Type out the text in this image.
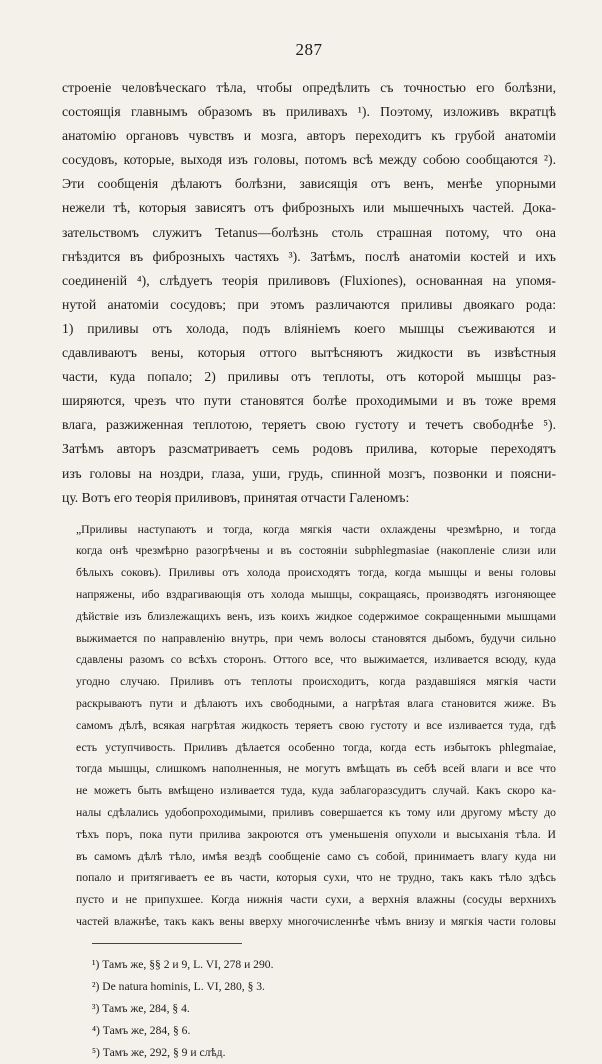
287
строеніе человѣческаго тѣла, чтобы опредѣлить съ точностью его болѣзни,
состоящія главнымъ образомъ въ приливахъ ¹). Поэтому, изложивъ вкратцѣ
анатомію органовъ чувствъ и мозга, авторъ переходитъ къ грубой анатоміи
сосудовъ, которые, выходя изъ головы, потомъ всѣ между собою сообщаются ²).
Эти сообщенія дѣлаютъ болѣзни, зависящія отъ венъ, менѣе упорными
нежели тѣ, которыя зависятъ отъ фиброзныхъ или мышечныхъ частей. Дока-
зательствомъ служитъ Tetanus—болѣзнь столь страшная потому, что она
гнѣздится въ фиброзныхъ частяхъ ³). Затѣмъ, послѣ анатоміи костей и ихъ
соединеній ⁴), слѣдуетъ теорія приливовъ (Fluxiones), основанная на упомя-
нутой анатоміи сосудовъ; при этомъ различаются приливы двоякаго рода:
1) приливы отъ холода, подъ вліяніемъ коего мышцы съеживаются и
сдавливаютъ вены, которыя оттого вытѣсняютъ жидкости въ извѣстныя
части, куда попало; 2) приливы отъ теплоты, отъ которой мышцы раз-
ширяются, чрезъ что пути становятся болѣе проходимыми и въ тоже время
влага, разжиженная теплотою, теряетъ свою густоту и течетъ свободнѣе ⁵).
Затѣмъ авторъ разсматриваетъ семь родовъ прилива, которые переходятъ
изъ головы на ноздри, глаза, уши, грудь, спинной мозгъ, позвонки и поясни-
цу. Вотъ его теорія приливовъ, принятая отчасти Галеномъ:
„Приливы наступаютъ и тогда, когда мягкія части охлаждены чрезмѣрно, и тогда
когда онѣ чрезмѣрно разогрѣчены и въ состояніи subphlegmasiae (накопленіе слизи или
бѣлыхъ соковъ). Приливы отъ холода происходятъ тогда, когда мышцы и вены головы
напряжены, ибо вздрагивающія отъ холода мышцы, сокращаясь, производятъ изгоняющее
дѣйствіе изъ близлежащихъ венъ, изъ коихъ жидкое содержимое сокращенными мышцами
выжимается по направленію внутрь, при чемъ волосы становятся дыбомъ, будучи сильно
сдавлены разомъ со всѣхъ сторонъ. Оттого все, что выжимается, изливается всюду, куда
угодно случаю. Приливъ отъ теплоты происходитъ, когда раздавшіяся мягкія части
раскрываютъ пути и дѣлаютъ ихъ свободными, а нагрѣтая влага становится жиже. Въ
самомъ дѣлѣ, всякая нагрѣтая жидкость теряетъ свою густоту и все изливается туда, гдѣ
есть уступчивость. Приливъ дѣлается особенно тогда, когда есть избытокъ phlegmaiae,
тогда мышцы, слишкомъ наполненныя, не могутъ вмѣщать въ себѣ всей влаги и все что
не можетъ быть вмѣщено изливается туда, куда заблагоразсудитъ случай. Какъ скоро ка-
налы сдѣлались удобопроходимыми, приливъ совершается къ тому или другому мѣсту до
тѣхъ поръ, пока пути прилива закроются отъ уменьшенія опухоли и высыханія тѣла. И
въ самомъ дѣлѣ тѣло, имѣя вездѣ сообщеніе само съ собой, принимаетъ влагу куда ни
попало и притягиваетъ ее въ части, которыя сухи, что не трудно, такъ какъ тѣло здѣсь
пусто и не припухшее. Когда нижнія части сухи, а верхнія влажны (сосуды верхнихъ
частей влажнѣе, такъ какъ вены вверху многочисленнѣе чѣмъ внизу и мягкія части головы
¹) Тамъ же, §§ 2 и 9, L. VI, 278 и 290.
²) De natura hominis, L. VI, 280, § 3.
³) Тамъ же, 284, § 4.
⁴) Тамъ же, 284, § 6.
⁵) Тамъ же, 292, § 9 и слѣд.
